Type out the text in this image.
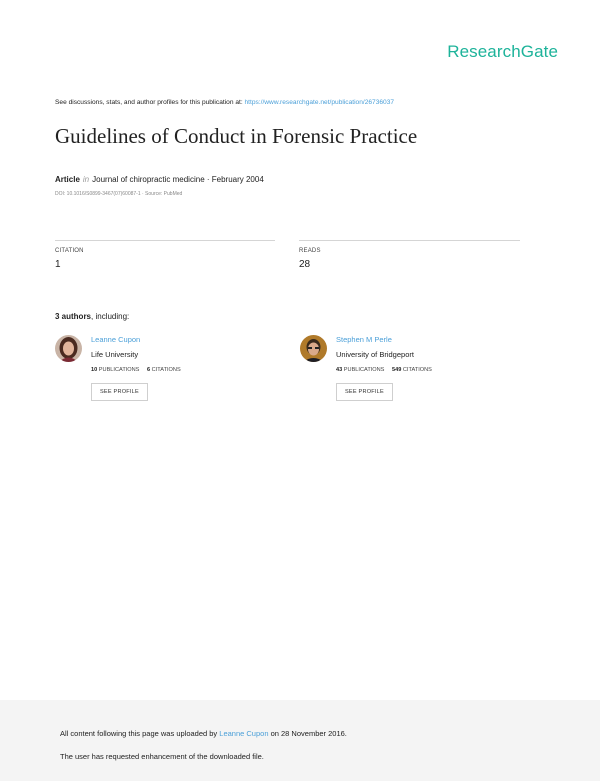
ResearchGate
See discussions, stats, and author profiles for this publication at: https://www.researchgate.net/publication/26736037
Guidelines of Conduct in Forensic Practice
Article in Journal of chiropractic medicine · February 2004
DOI: 10.1016/S0899-3467(07)60087-1 · Source: PubMed
CITATION
1
READS
28
3 authors, including:
Leanne Cupon
Life University
10 PUBLICATIONS 6 CITATIONS
SEE PROFILE
Stephen M Perle
University of Bridgeport
43 PUBLICATIONS 549 CITATIONS
SEE PROFILE
All content following this page was uploaded by Leanne Cupon on 28 November 2016.
The user has requested enhancement of the downloaded file.
